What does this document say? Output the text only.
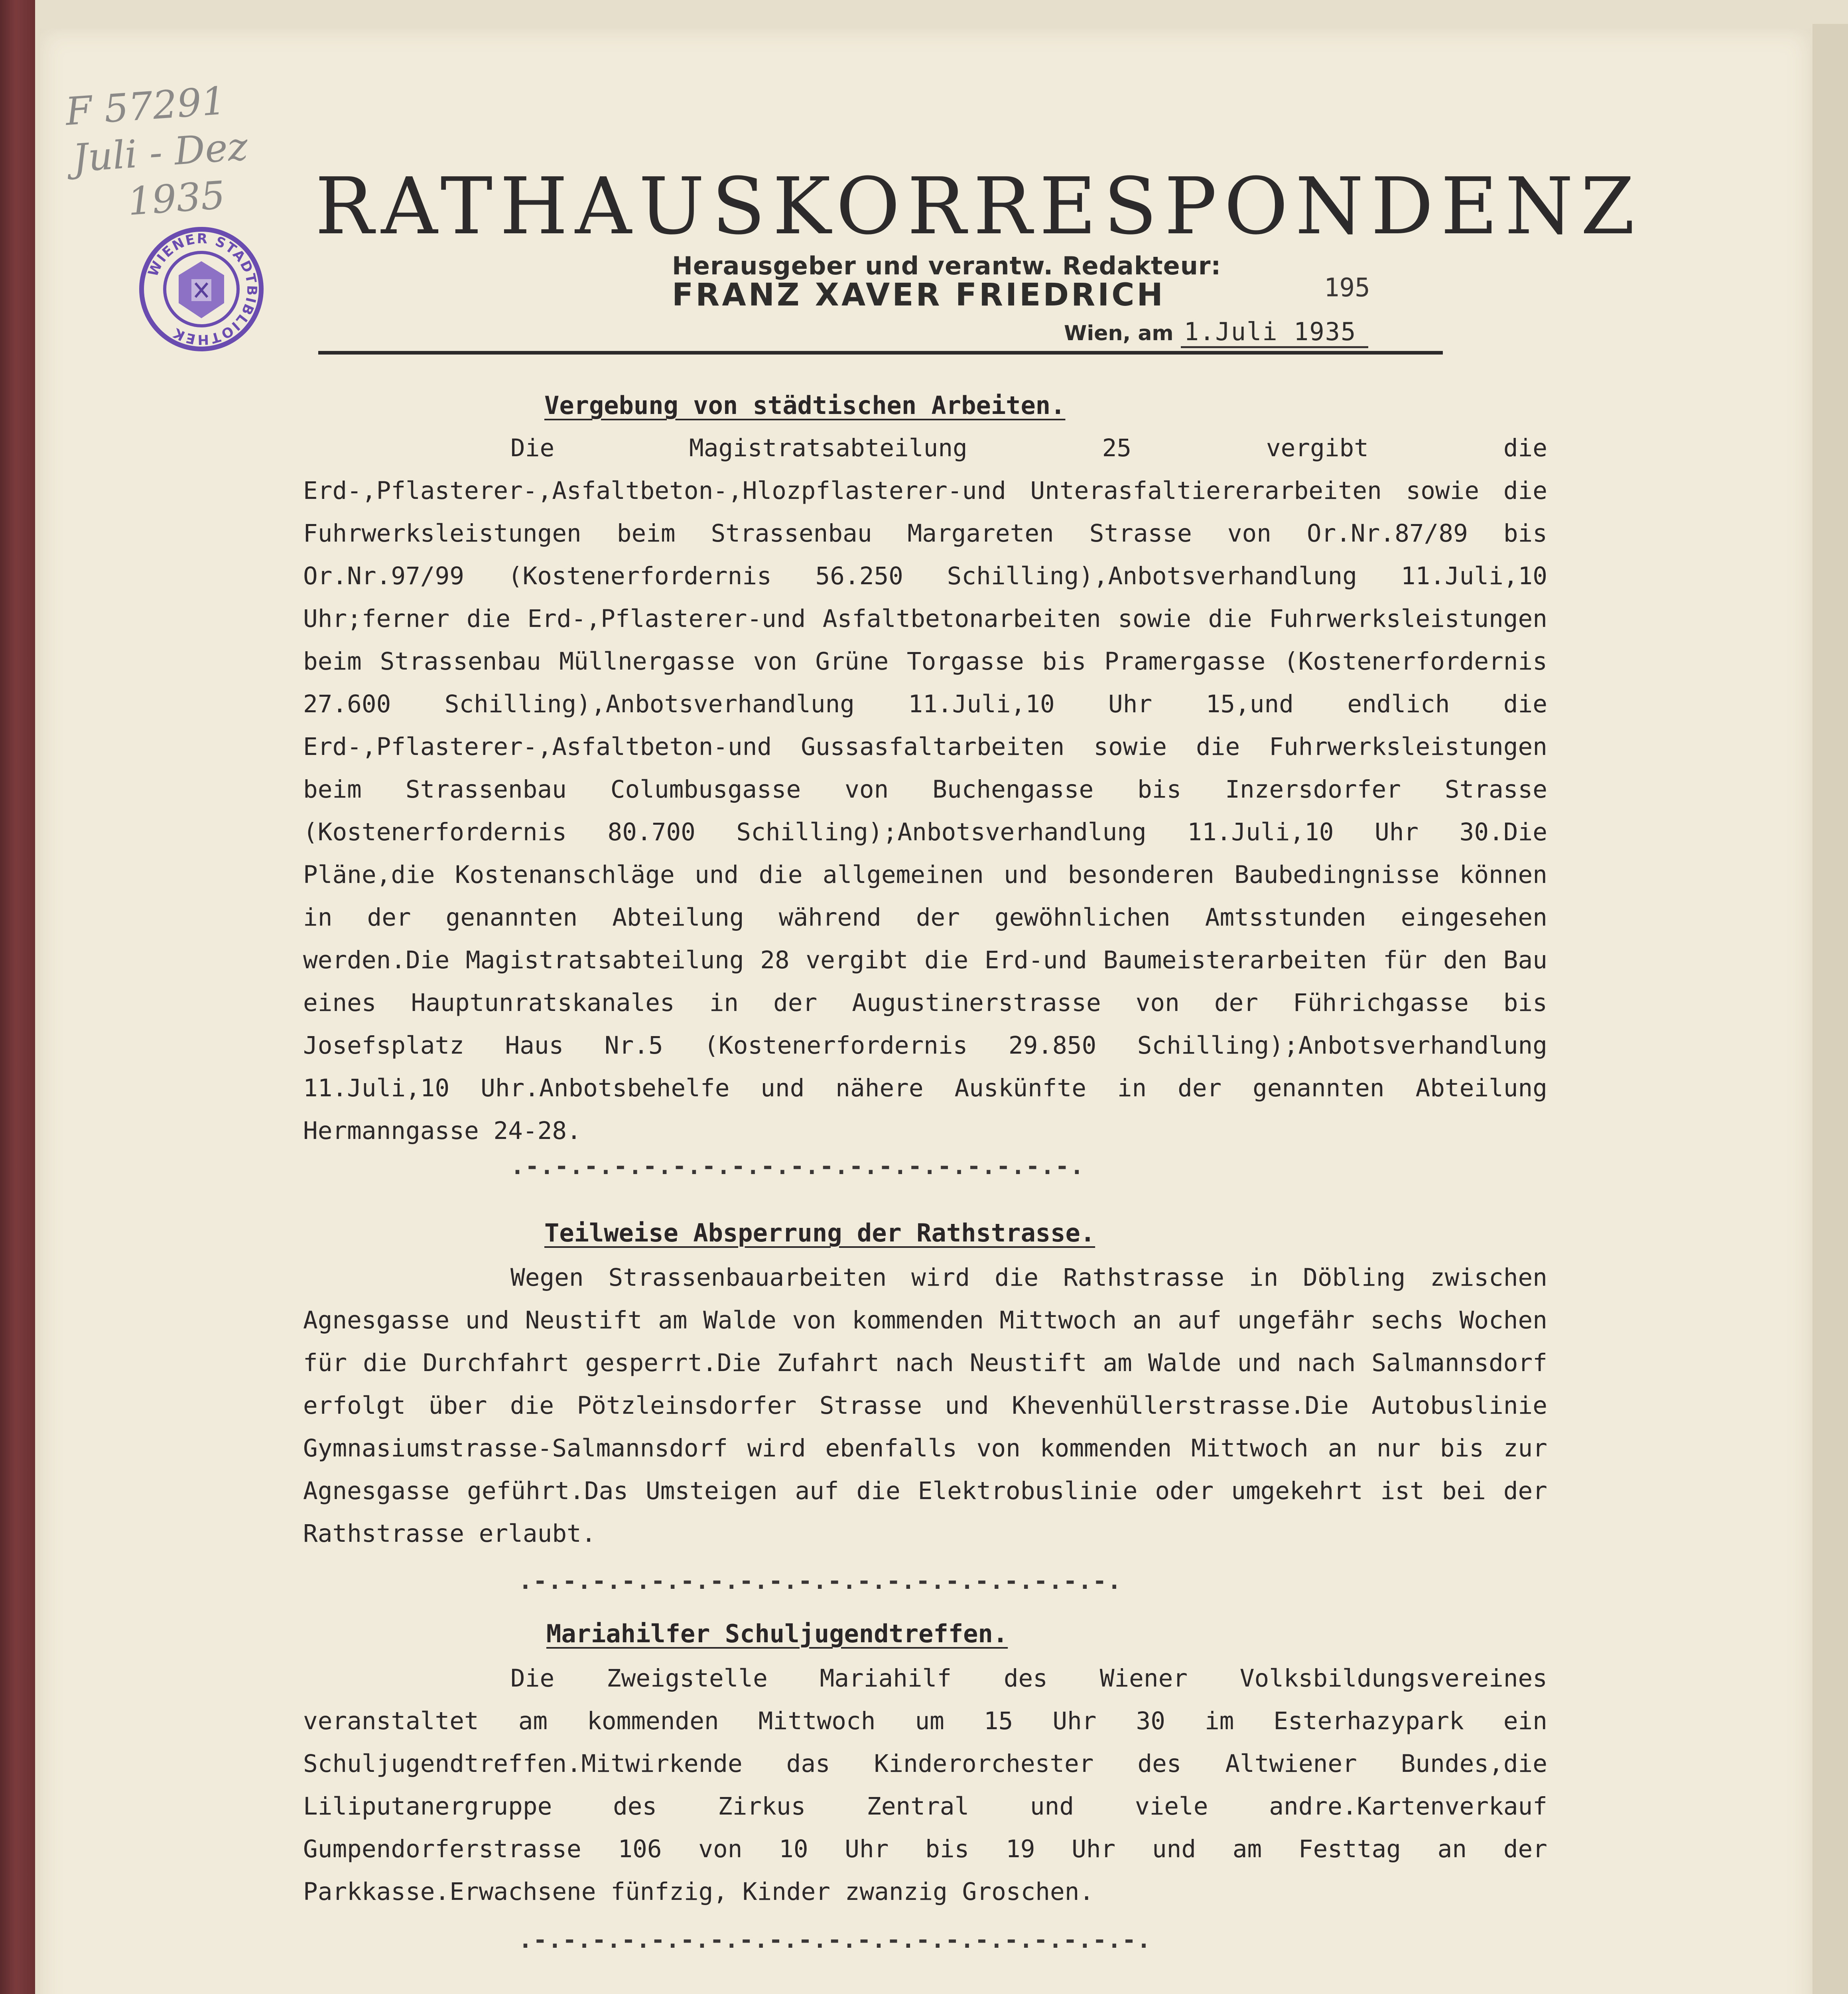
F 57291
Juli - Dez
1935
WIENER STADTBIBLIOTHEK
RATHAUSKORRESPONDENZ
Herausgeber und verantw. Redakteur:
FRANZ XAVER FRIEDRICH	195
Wien, am 1.Juli 1935
Vergebung von städtischen Arbeiten.
Die Magistratsabteilung 25 vergibt die Erd-,Pflasterer-,Asfaltbeton-,Hlozpflasterer-und Unterasfaltiererarbeiten sowie die Fuhrwerksleistungen beim Strassenbau Margareten Strasse von Or.Nr.87/89 bis Or.Nr.97/99 (Kostenerfordernis 56.250 Schilling),Anbotsverhandlung 11.Juli,10 Uhr;ferner die Erd-,Pflasterer-und Asfaltbetonarbeiten sowie die Fuhrwerksleistungen beim Strassenbau Müllnergasse von Grüne Torgasse bis Pramergasse (Kostenerfordernis 27.600 Schilling),Anbotsverhandlung 11.Juli,10 Uhr 15,und endlich die Erd-,Pflasterer-,Asfaltbeton-und Gussasfaltarbeiten sowie die Fuhrwerksleistungen beim Strassenbau Columbusgasse von Buchengasse bis Inzersdorfer Strasse (Kostenerfordernis 80.700 Schilling);Anbotsverhandlung 11.Juli,10 Uhr 30.Die Pläne,die Kostenanschläge und die allgemeinen und besonderen Baubedingnisse können in der genannten Abteilung während der gewöhnlichen Amtsstunden eingesehen werden.Die Magistratsabteilung 28 vergibt die Erd-und Baumeisterarbeiten für den Bau eines Hauptunratskanales in der Augustinerstrasse von der Führichgasse bis Josefsplatz Haus Nr.5 (Kostenerfordernis 29.850 Schilling);Anbotsverhandlung 11.Juli,10 Uhr.Anbotsbehelfe und nähere Auskünfte in der genannten Abteilung Hermanngasse 24-28.
.-.-.-.-.-.-.-.-.-.-.-.-.-.-.-.-.-.-.-.
Teilweise Absperrung der Rathstrasse.
Wegen Strassenbauarbeiten wird die Rathstrasse in Döbling zwischen Agnesgasse und Neustift am Walde von kommenden Mittwoch an auf ungefähr sechs Wochen für die Durchfahrt gesperrt.Die Zufahrt nach Neustift am Walde und nach Salmannsdorf erfolgt über die Pötzleinsdorfer Strasse und Khevenhüllerstrasse.Die Autobuslinie Gymnasiumstrasse-Salmannsdorf wird ebenfalls von kommenden Mittwoch an nur bis zur Agnesgasse geführt.Das Umsteigen auf die Elektrobuslinie oder umgekehrt ist bei der Rathstrasse erlaubt.
.-.-.-.-.-.-.-.-.-.-.-.-.-.-.-.-.-.-.-.-.
Mariahilfer Schuljugendtreffen.
Die Zweigstelle Mariahilf des Wiener Volksbildungsvereines veranstaltet am kommenden Mittwoch um 15 Uhr 30 im Esterhazypark ein Schuljugendtreffen.Mitwirkende das Kinderorchester des Altwiener Bundes,die Liliputanergruppe des Zirkus Zentral und viele andre.Kartenverkauf Gumpendorferstrasse 106 von 10 Uhr bis 19 Uhr und am Festtag an der Parkkasse.Erwachsene fünfzig, Kinder zwanzig Groschen.
.-.-.-.-.-.-.-.-.-.-.-.-.-.-.-.-.-.-.-.-.-.
